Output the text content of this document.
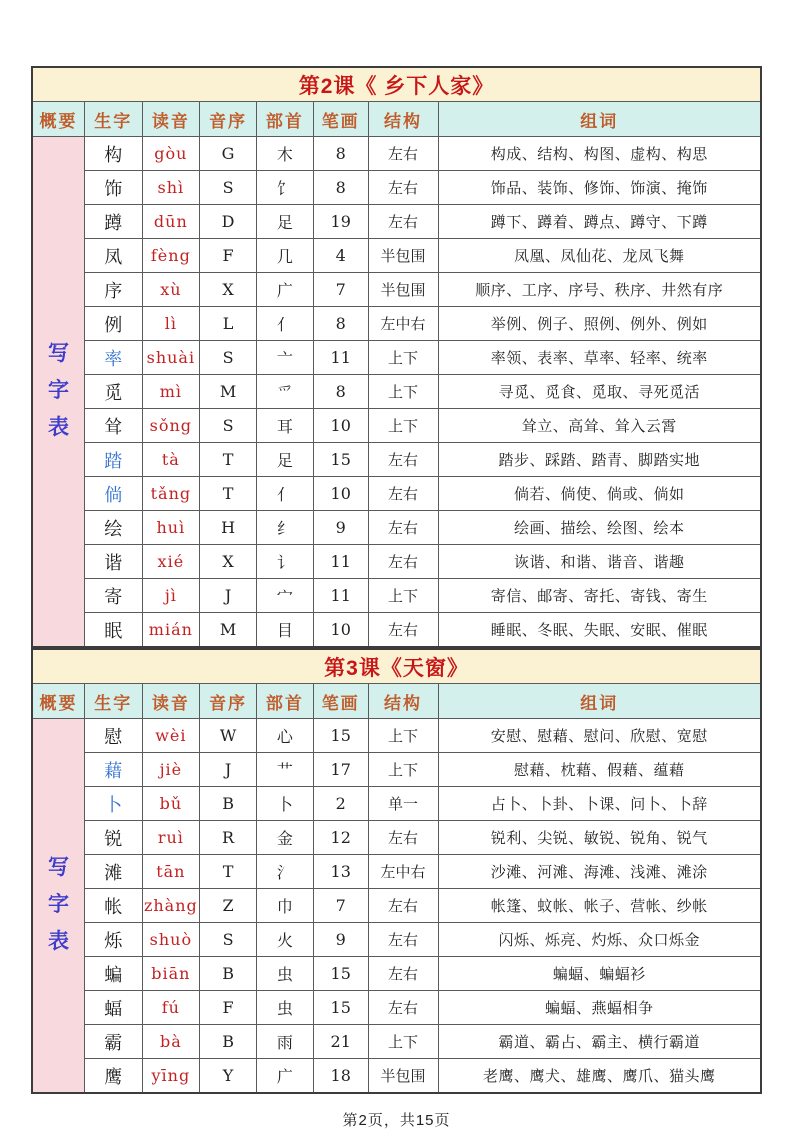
第2课《 乡下人家》							
概要	生字	读音	音序	部首	笔画	结构	组词

写
字
表	构	gòu	G	木	8	左右	构成、结构、构图、虚构、构思
	饰	shì	S	饣	8	左右	饰品、装饰、修饰、饰演、掩饰
	蹲	dūn	D	足	19	左右	蹲下、蹲着、蹲点、蹲守、下蹲
	凤	fèng	F	几	4	半包围	凤凰、凤仙花、龙凤飞舞
	序	xù	X	广	7	半包围	顺序、工序、序号、秩序、井然有序
	例	lì	L	亻	8	左中右	举例、例子、照例、例外、例如
	率	shuài	S	亠	11	上下	率领、表率、草率、轻率、统率
	觅	mì	M	爫	8	上下	寻觅、觅食、觅取、寻死觅活
	耸	sǒng	S	耳	10	上下	耸立、高耸、耸入云霄
	踏	tà	T	足	15	左右	踏步、踩踏、踏青、脚踏实地
	倘	tǎng	T	亻	10	左右	倘若、倘使、倘或、倘如
	绘	huì	H	纟	9	左右	绘画、描绘、绘图、绘本
	谐	xié	X	讠	11	左右	诙谐、和谐、谐音、谐趣
	寄	jì	J	宀	11	上下	寄信、邮寄、寄托、寄钱、寄生
	眠	mián	M	目	10	左右	睡眠、冬眠、失眠、安眠、催眠
第3课《天窗》							
概要	生字	读音	音序	部首	笔画	结构	组词

写
字
表	慰	wèi	W	心	15	上下	安慰、慰藉、慰问、欣慰、宽慰
	藉	jiè	J	艹	17	上下	慰藉、枕藉、假藉、蕴藉
	卜	bǔ	B	卜	2	单一	占卜、卜卦、卜课、问卜、卜辞
	锐	ruì	R	金	12	左右	锐利、尖锐、敏锐、锐角、锐气
	滩	tān	T	氵	13	左中右	沙滩、河滩、海滩、浅滩、滩涂
	帐	zhàng	Z	巾	7	左右	帐篷、蚊帐、帐子、营帐、纱帐
	烁	shuò	S	火	9	左右	闪烁、烁亮、灼烁、众口烁金
	蝙	biān	B	虫	15	左右	蝙蝠、蝙蝠衫
	蝠	fú	F	虫	15	左右	蝙蝠、燕蝠相争
	霸	bà	B	雨	21	上下	霸道、霸占、霸主、横行霸道
	鹰	yīng	Y	广	18	半包围	老鹰、鹰犬、雄鹰、鹰爪、猫头鹰
第2页，共15页
